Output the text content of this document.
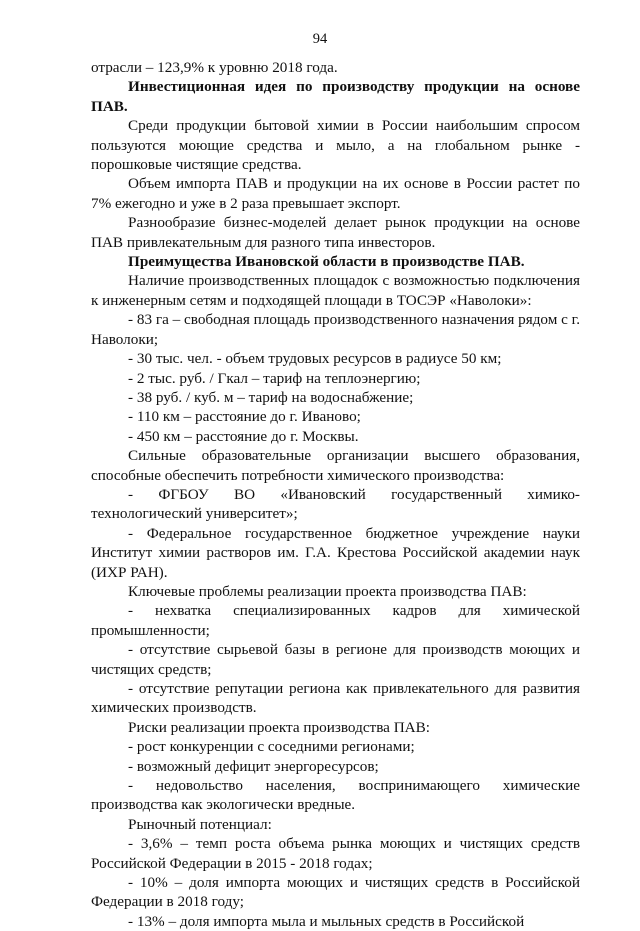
94

отрасли – 123,9% к уровню 2018 года.

Инвестиционная идея по производству продукции на основе ПАВ.

Среди продукции бытовой химии в России наибольшим спросом пользуются моющие средства и мыло, а на глобальном рынке - порошковые чистящие средства.

Объем импорта ПАВ и продукции на их основе в России растет по 7% ежегодно и уже в 2 раза превышает экспорт.

Разнообразие бизнес-моделей делает рынок продукции на основе ПАВ привлекательным для разного типа инвесторов.

Преимущества Ивановской области в производстве ПАВ.

Наличие производственных площадок с возможностью подключения к инженерным сетям и подходящей площади в ТОСЭР «Наволоки»:

- 83 га – свободная площадь производственного назначения рядом с г. Наволоки;

- 30 тыс. чел. - объем трудовых ресурсов в радиусе 50 км;

- 2 тыс. руб. / Гкал – тариф на теплоэнергию;

- 38 руб. / куб. м – тариф на водоснабжение;

- 110 км – расстояние до г. Иваново;

- 450 км – расстояние до г. Москвы.

Сильные образовательные организации высшего образования, способные обеспечить потребности химического производства:

- ФГБОУ ВО «Ивановский государственный химико-технологический университет»;

- Федеральное государственное бюджетное учреждение науки Институт химии растворов им. Г.А. Крестова Российской академии наук (ИХР РАН).

Ключевые проблемы реализации проекта производства ПАВ:

- нехватка специализированных кадров для химической промышленности;

- отсутствие сырьевой базы в регионе для производств моющих и чистящих средств;

- отсутствие репутации региона как привлекательного для развития химических производств.

Риски реализации проекта производства ПАВ:

- рост конкуренции с соседними регионами;

- возможный дефицит энергоресурсов;

- недовольство населения, воспринимающего химические производства как экологически вредные.

Рыночный потенциал:

- 3,6% – темп роста объема рынка моющих и чистящих средств Российской Федерации в 2015 - 2018 годах;

- 10% – доля импорта моющих и чистящих средств в Российской Федерации в 2018 году;

- 13% – доля импорта мыла и мыльных средств в Российской
